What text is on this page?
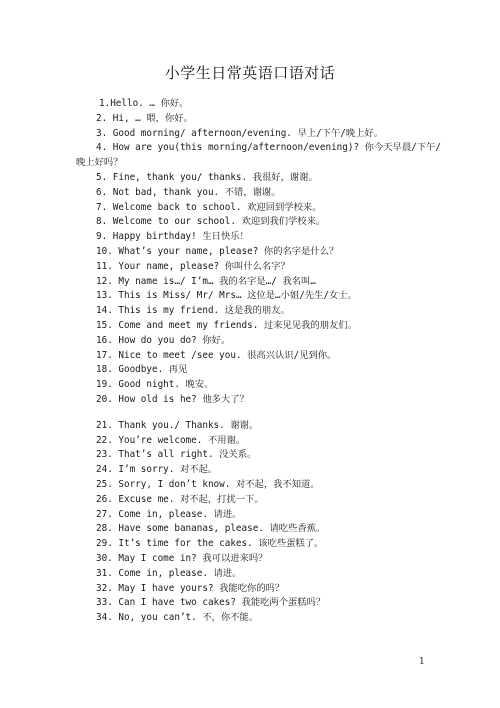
小学生日常英语口语对话
1.Hello. … 你好。
2. Hi, … 喂，你好。
3. Good morning/ afternoon/evening. 早上/下午/晚上好。
4. How are you(this morning/afternoon/evening)? 你今天早晨/下午/
晚上好吗？
5. Fine, thank you/ thanks. 我很好，谢谢。
6. Not bad, thank you. 不错，谢谢。
7. Welcome back to school. 欢迎回到学校来。
8. Welcome to our school. 欢迎到我们学校来。
9. Happy birthday! 生日快乐！
10. What’s your name, please? 你的名字是什么？
11. Your name, please? 你叫什么名字？
12. My name is…/ I’m… 我的名字是…/ 我名叫…
13. This is Miss/ Mr/ Mrs… 这位是…小姐/先生/女士。
14. This is my friend. 这是我的朋友。
15. Come and meet my friends. 过来见见我的朋友们。
16. How do you do? 你好。
17. Nice to meet /see you. 很高兴认识/见到你。
18. Goodbye. 再见
19. Good night. 晚安。
20. How old is he? 他多大了？
21. Thank you./ Thanks. 谢谢。
22. You’re welcome. 不用谢。
23. That’s all right. 没关系。
24. I’m sorry. 对不起。
25. Sorry, I don’t know. 对不起，我不知道。
26. Excuse me. 对不起，打扰一下。
27. Come in, please. 请进。
28. Have some bananas, please. 请吃些香蕉。
29. It’s time for the cakes. 该吃些蛋糕了。
30. May I come in? 我可以进来吗？
31. Come in, please. 请进。
32. May I have yours? 我能吃你的吗？
33. Can I have two cakes? 我能吃两个蛋糕吗？
34. No, you can’t. 不，你不能。
1
